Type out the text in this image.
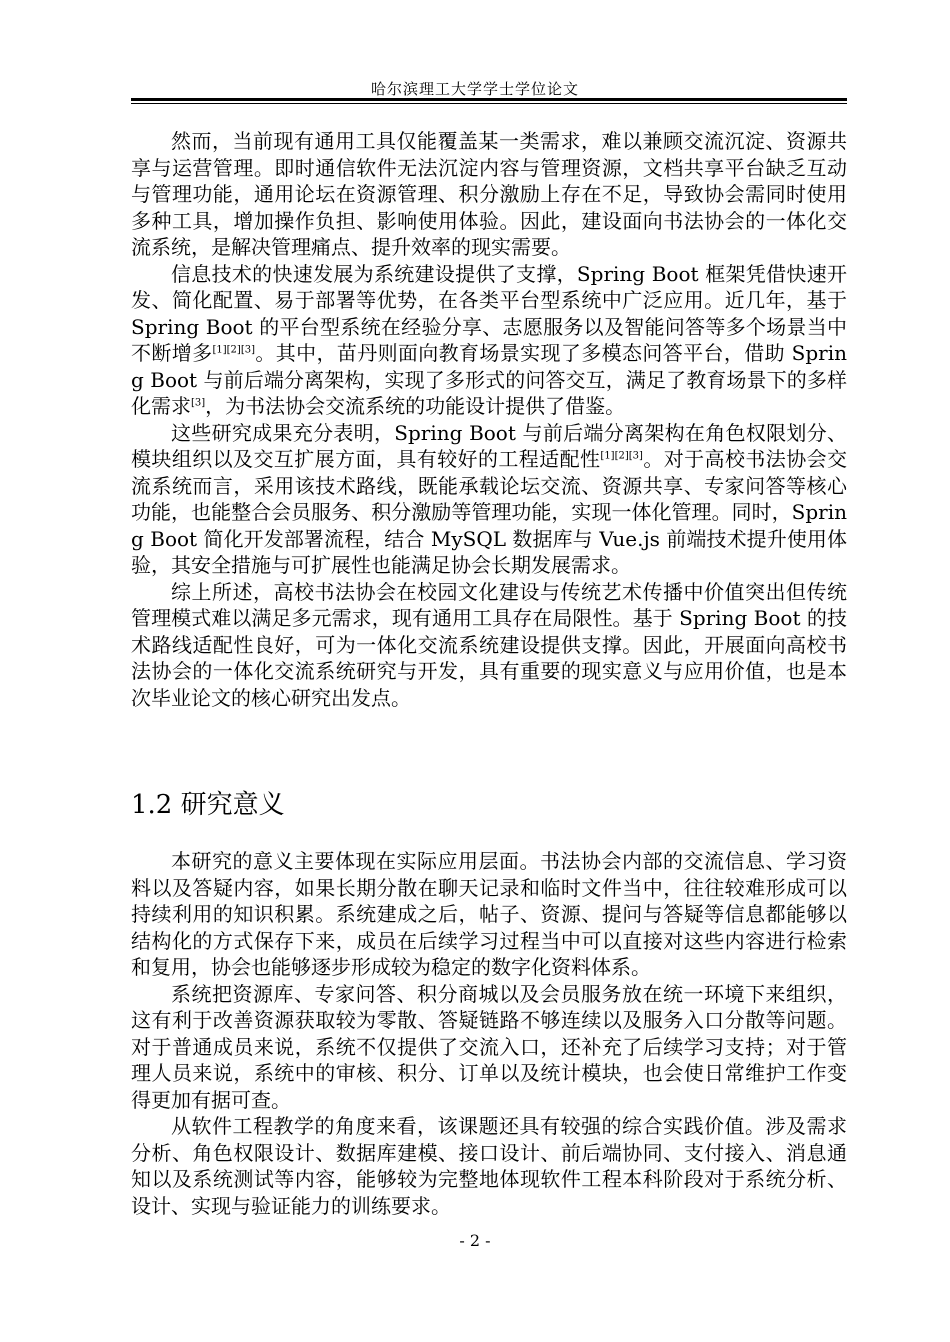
哈尔滨理工大学学士学位论文

然而，当前现有通用工具仅能覆盖某一类需求，难以兼顾交流沉淀、资源共享与运营管理。即时通信软件无法沉淀内容与管理资源，文档共享平台缺乏互动与管理功能，通用论坛在资源管理、积分激励上存在不足，导致协会需同时使用多种工具，增加操作负担、影响使用体验。因此，建设面向书法协会的一体化交流系统，是解决管理痛点、提升效率的现实需要。

信息技术的快速发展为系统建设提供了支撑，Spring Boot 框架凭借快速开发、简化配置、易于部署等优势，在各类平台型系统中广泛应用。近几年，基于 Spring Boot 的平台型系统在经验分享、志愿服务以及智能问答等多个场景当中不断增多[1][2][3]。其中，苗丹则面向教育场景实现了多模态问答平台，借助 Spring Boot 与前后端分离架构，实现了多形式的问答交互，满足了教育场景下的多样化需求[3]，为书法协会交流系统的功能设计提供了借鉴。

这些研究成果充分表明，Spring Boot 与前后端分离架构在角色权限划分、模块组织以及交互扩展方面，具有较好的工程适配性[1][2][3]。对于高校书法协会交流系统而言，采用该技术路线，既能承载论坛交流、资源共享、专家问答等核心功能，也能整合会员服务、积分激励等管理功能，实现一体化管理。同时，Spring Boot 简化开发部署流程，结合 MySQL 数据库与 Vue.js 前端技术提升使用体验，其安全措施与可扩展性也能满足协会长期发展需求。

综上所述，高校书法协会在校园文化建设与传统艺术传播中价值突出但传统管理模式难以满足多元需求，现有通用工具存在局限性。基于 Spring Boot 的技术路线适配性良好，可为一体化交流系统建设提供支撑。因此，开展面向高校书法协会的一体化交流系统研究与开发，具有重要的现实意义与应用价值，也是本次毕业论文的核心研究出发点。

1.2 研究意义

本研究的意义主要体现在实际应用层面。书法协会内部的交流信息、学习资料以及答疑内容，如果长期分散在聊天记录和临时文件当中，往往较难形成可以持续利用的知识积累。系统建成之后，帖子、资源、提问与答疑等信息都能够以结构化的方式保存下来，成员在后续学习过程当中可以直接对这些内容进行检索和复用，协会也能够逐步形成较为稳定的数字化资料体系。

系统把资源库、专家问答、积分商城以及会员服务放在统一环境下来组织，这有利于改善资源获取较为零散、答疑链路不够连续以及服务入口分散等问题。对于普通成员来说，系统不仅提供了交流入口，还补充了后续学习支持；对于管理人员来说，系统中的审核、积分、订单以及统计模块，也会使日常维护工作变得更加有据可查。

从软件工程教学的角度来看，该课题还具有较强的综合实践价值。涉及需求分析、角色权限设计、数据库建模、接口设计、前后端协同、支付接入、消息通知以及系统测试等内容，能够较为完整地体现软件工程本科阶段对于系统分析、设计、实现与验证能力的训练要求。

- 2 -
